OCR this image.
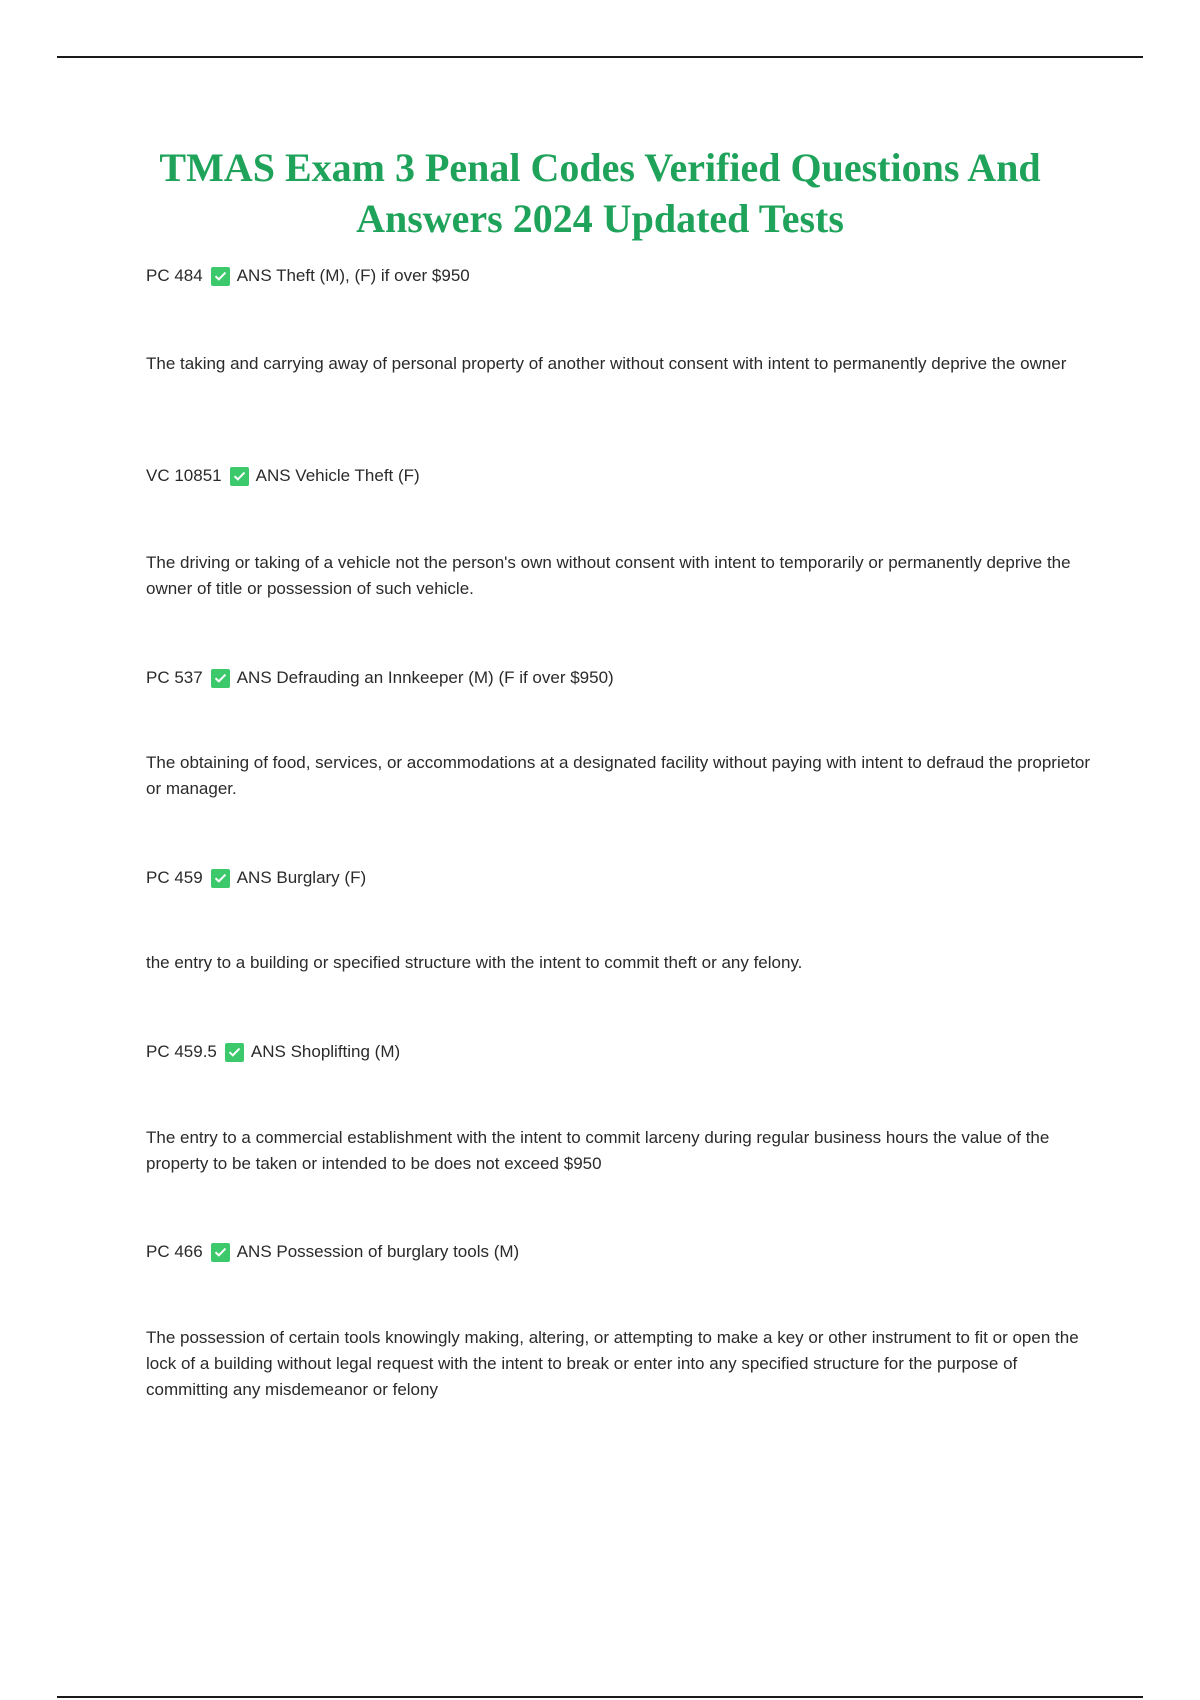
TMAS Exam 3 Penal Codes Verified Questions And Answers 2024 Updated Tests
PC 484 ANS Theft (M), (F) if over $950

The taking and carrying away of personal property of another without consent with intent to permanently deprive the owner

VC 10851 ANS Vehicle Theft (F)

The driving or taking of a vehicle not the person's own without consent with intent to temporarily or permanently deprive the owner of title or possession of such vehicle.

PC 537 ANS Defrauding an Innkeeper (M) (F if over $950)

The obtaining of food, services, or accommodations at a designated facility without paying with intent to defraud the proprietor or manager.

PC 459 ANS Burglary (F)

the entry to a building or specified structure with the intent to commit theft or any felony.

PC 459.5 ANS Shoplifting (M)

The entry to a commercial establishment with the intent to commit larceny during regular business hours the value of the property to be taken or intended to be does not exceed $950

PC 466 ANS Possession of burglary tools (M)

The possession of certain tools knowingly making, altering, or attempting to make a key or other instrument to fit or open the lock of a building without legal request with the intent to break or enter into any specified structure for the purpose of committing any misdemeanor or felony
